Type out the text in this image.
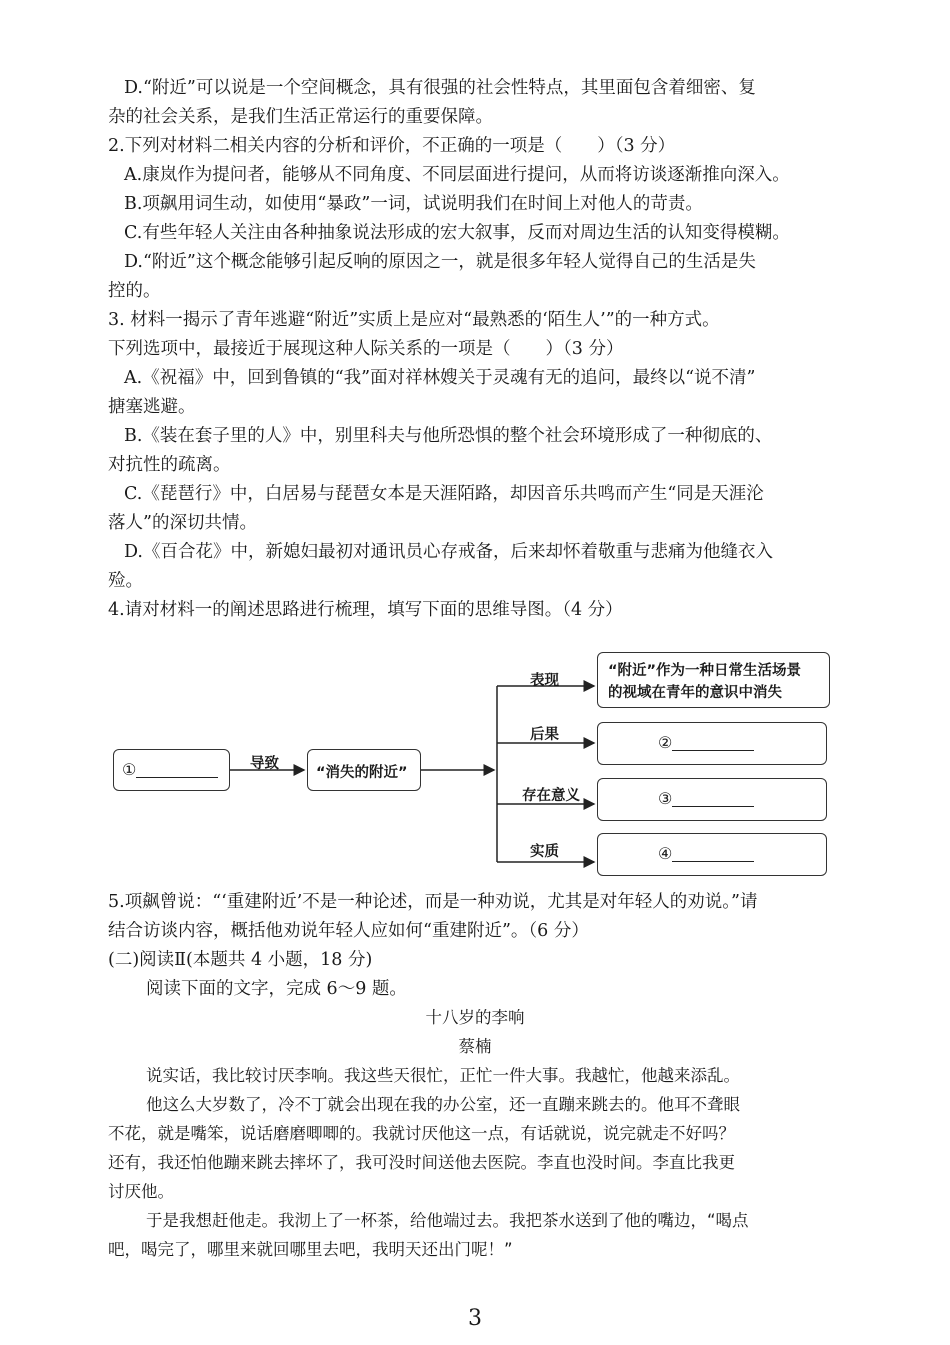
D.“附近”可以说是一个空间概念，具有很强的社会性特点，其里面包含着细密、复
杂的社会关系，是我们生活正常运行的重要保障。
2.下列对材料二相关内容的分析和评价，不正确的一项是（　　）（3 分）
A.康岚作为提问者，能够从不同角度、不同层面进行提问，从而将访谈逐渐推向深入。
B.项飙用词生动，如使用“暴政”一词，试说明我们在时间上对他人的苛责。
C.有些年轻人关注由各种抽象说法形成的宏大叙事，反而对周边生活的认知变得模糊。
D.“附近”这个概念能够引起反响的原因之一，就是很多年轻人觉得自己的生活是失
控的。
3. 材料一揭示了青年逃避“附近”实质上是应对“最熟悉的‘陌生人’”的一种方式。
下列选项中，最接近于展现这种人际关系的一项是（　　）（3 分）
A.《祝福》中，回到鲁镇的“我”面对祥林嫂关于灵魂有无的追问，最终以“说不清”
搪塞逃避。
B.《装在套子里的人》中，别里科夫与他所恐惧的整个社会环境形成了一种彻底的、
对抗性的疏离。
C.《琵琶行》中，白居易与琵琶女本是天涯陌路，却因音乐共鸣而产生“同是天涯沦
落人”的深切共情。
D.《百合花》中，新媳妇最初对通讯员心存戒备，后来却怀着敬重与悲痛为他缝衣入
殓。
4.请对材料一的阐述思路进行梳理，填写下面的思维导图。（4 分）
①	导致
“消失的附近”
表现
后果
存在意义
实质
“附近”作为一种日常生活场景
的视域在青年的意识中消失
②
③
④
5.项飙曾说：“‘重建附近’不是一种论述，而是一种劝说，尤其是对年轻人的劝说。”请
结合访谈内容，概括他劝说年轻人应如何“重建附近”。（6 分）
(二)阅读Ⅱ(本题共 4 小题，18 分)
阅读下面的文字，完成 6～9 题。
十八岁的李响
蔡楠
说实话，我比较讨厌李响。我这些天很忙，正忙一件大事。我越忙，他越来添乱。
他这么大岁数了，冷不丁就会出现在我的办公室，还一直蹦来跳去的。他耳不聋眼
不花，就是嘴笨，说话磨磨唧唧的。我就讨厌他这一点，有话就说，说完就走不好吗？
还有，我还怕他蹦来跳去摔坏了，我可没时间送他去医院。李直也没时间。李直比我更
讨厌他。
于是我想赶他走。我沏上了一杯茶，给他端过去。我把茶水送到了他的嘴边，“喝点
吧，喝完了，哪里来就回哪里去吧，我明天还出门呢！”
3
